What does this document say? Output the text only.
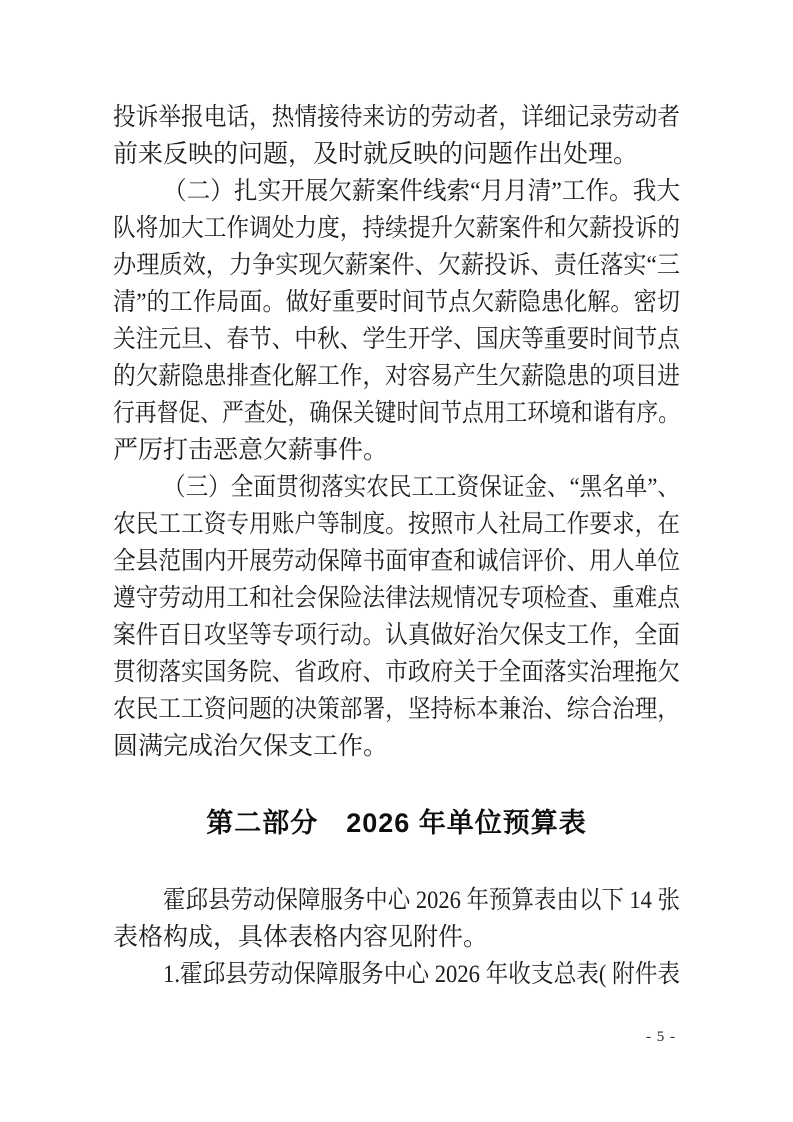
投诉举报电话，热情接待来访的劳动者，详细记录劳动者
前来反映的问题，及时就反映的问题作出处理。
（二）扎实开展欠薪案件线索“月月清”工作。我大
队将加大工作调处力度，持续提升欠薪案件和欠薪投诉的
办理质效，力争实现欠薪案件、欠薪投诉、责任落实“三
清”的工作局面。做好重要时间节点欠薪隐患化解。密切
关注元旦、春节、中秋、学生开学、国庆等重要时间节点
的欠薪隐患排查化解工作，对容易产生欠薪隐患的项目进
行再督促、严查处，确保关键时间节点用工环境和谐有序。
严厉打击恶意欠薪事件。
（三）全面贯彻落实农民工工资保证金、“黑名单”、
农民工工资专用账户等制度。按照市人社局工作要求，在
全县范围内开展劳动保障书面审查和诚信评价、用人单位
遵守劳动用工和社会保险法律法规情况专项检查、重难点
案件百日攻坚等专项行动。认真做好治欠保支工作，全面
贯彻落实国务院、省政府、市政府关于全面落实治理拖欠
农民工工资问题的决策部署，坚持标本兼治、综合治理，
圆满完成治欠保支工作。
第二部分　2026 年单位预算表
霍邱县劳动保障服务中心 2026 年预算表由以下 14 张
表格构成，具体表格内容见附件。
1.霍邱县劳动保障服务中心 2026 年收支总表( 附件表
- 5 -
